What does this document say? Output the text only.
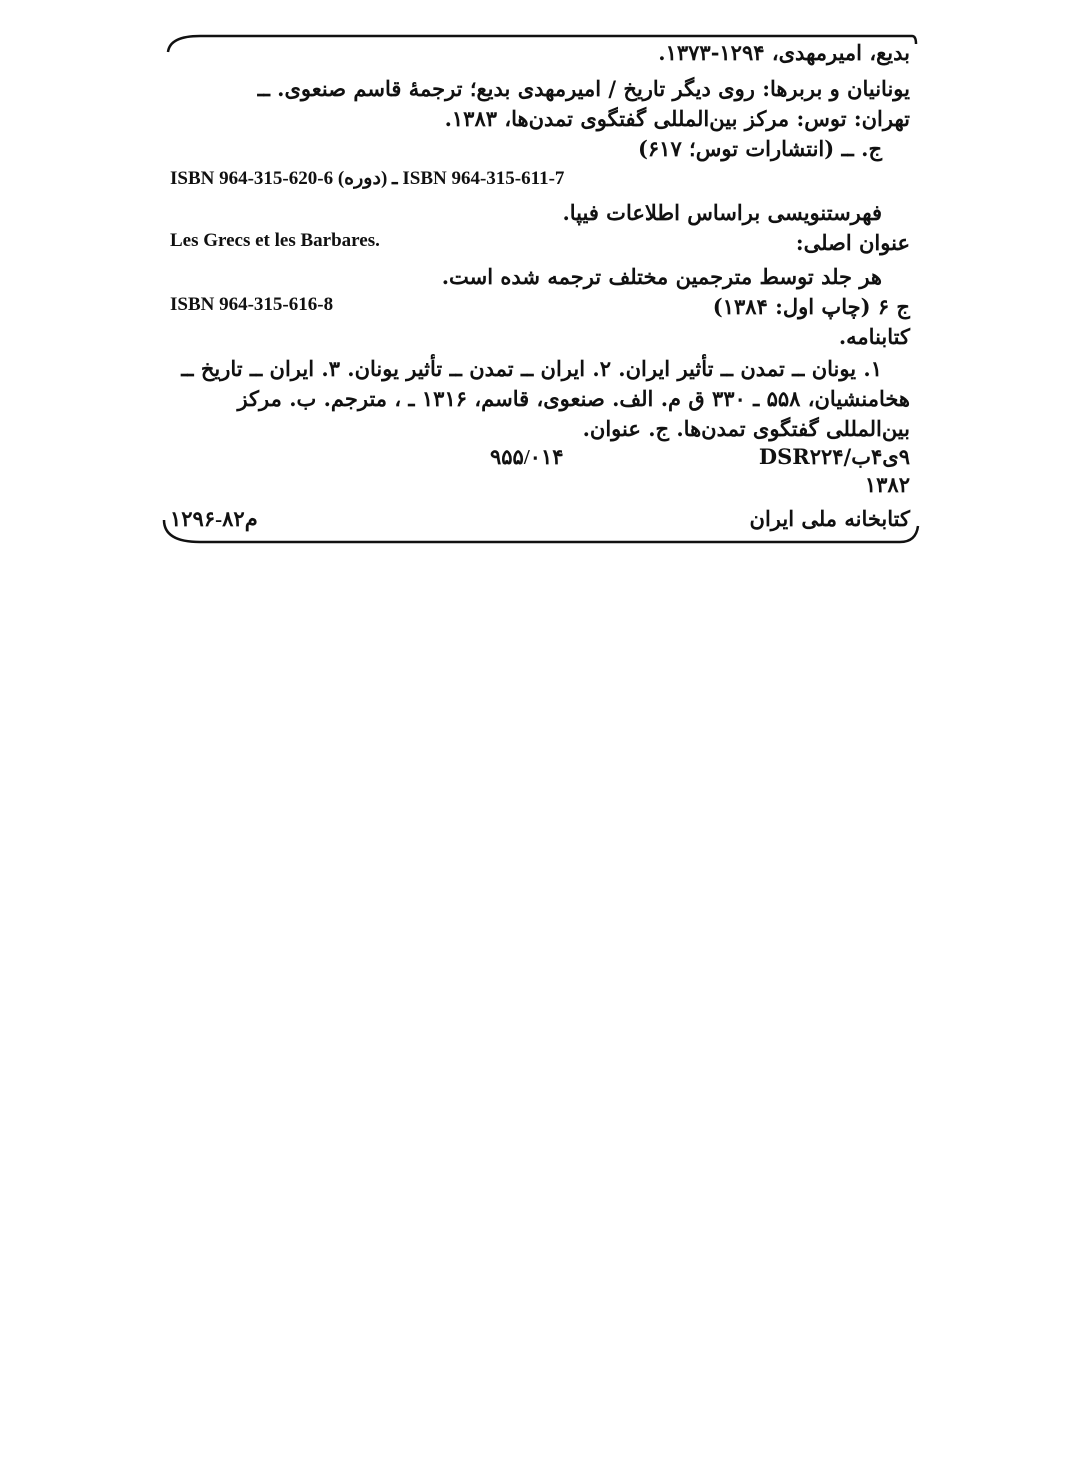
بدیع، امیرمهدی، ۱۲۹۴-۱۳۷۳.
یونانیان و بربرها: روی دیگر تاریخ / امیرمهدی بدیع؛ ترجمهٔ قاسم صنعوی. ــ
تهران: توس: مرکز بین‌المللی گفتگوی تمدن‌ها، ۱۳۸۳.
ج. ــ (انتشارات توس؛ ۶۱۷)
ISBN 964-315-620-6 (دوره) ـ ISBN 964-315-611-7
فهرستنویسی براساس اطلاعات فیپا.
عنوان اصلی:
Les Grecs et les Barbares.
هر جلد توسط مترجمین مختلف ترجمه شده است.
ج ۶ (چاپ اول: ۱۳۸۴)
ISBN 964-315-616-8
کتابنامه.
۱. یونان ــ تمدن ــ تأثیر ایران. ۲. ایران ــ تمدن ــ تأثیر یونان. ۳. ایران ــ تاریخ ــ
هخامنشیان، ۵۵۸ ـ ۳۳۰ ق م. الف. صنعوی، قاسم، ۱۳۱۶ ـ ، مترجم. ب. مرکز
بین‌المللی گفتگوی تمدن‌ها. ج. عنوان.
۹ی۴ب/DSR۲۲۴
۹۵۵/۰۱۴
۱۳۸۲
کتابخانه ملی ایران
م۸۲-۱۲۹۶
